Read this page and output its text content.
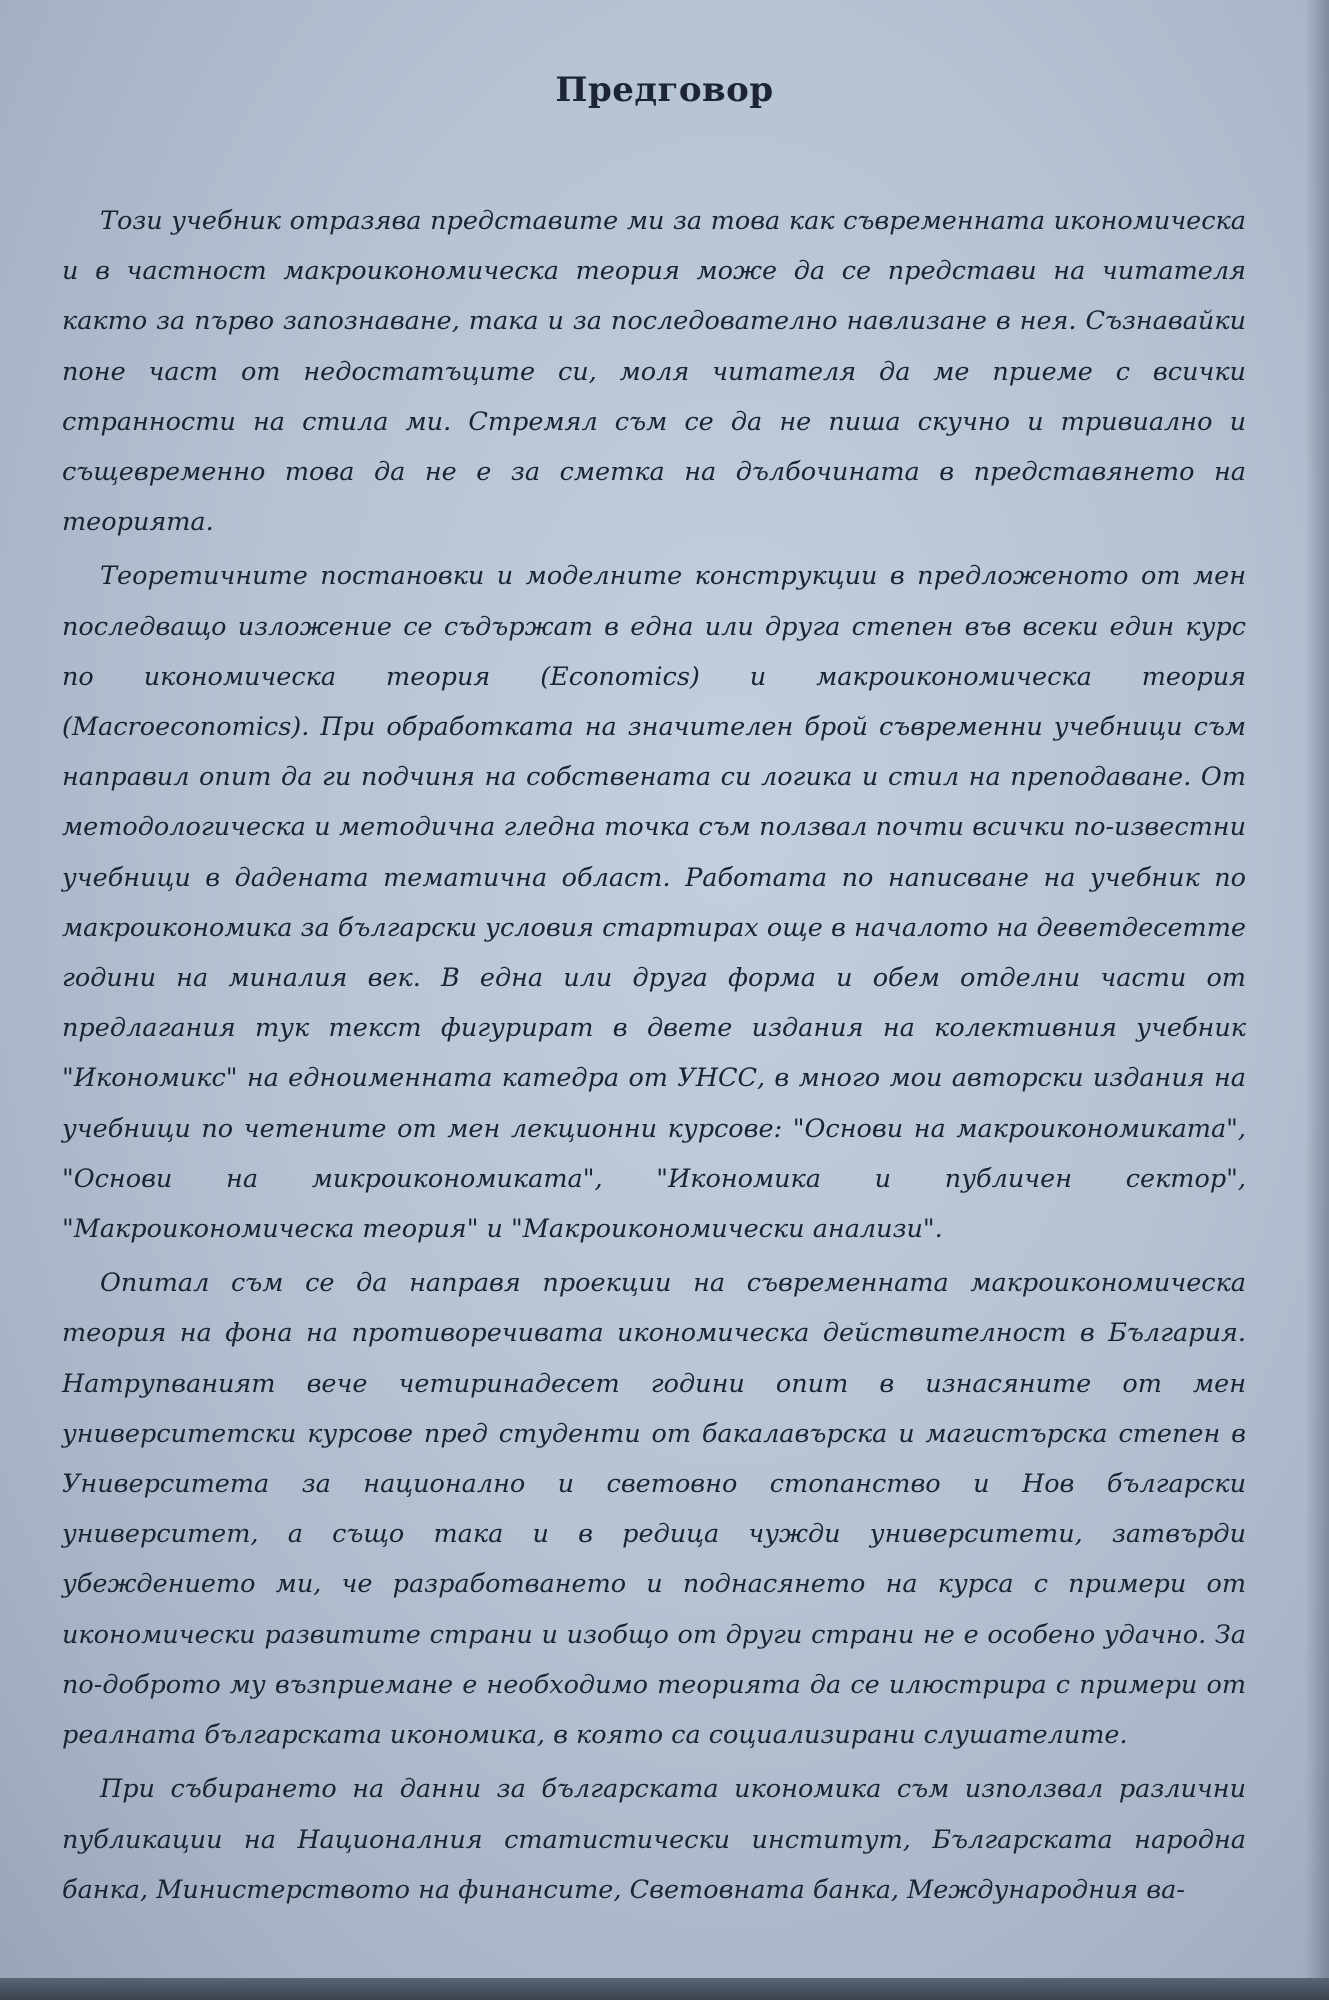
Предговор

Този учебник отразява представите ми за това как съвременната икономическа и в частност макроикономическа теория може да се представи на читателя както за първо запознаване, така и за последователно навлизане в нея. Съзнавайки поне част от недостатъците си, моля читателя да ме приеме с всички странности на стила ми. Стремял съм се да не пиша скучно и тривиално и същевременно това да не е за сметка на дълбочината в представянето на теорията.

Теоретичните постановки и моделните конструкции в предложеното от мен последващо изложение се съдържат в една или друга степен във всеки един курс по икономическа теория (Economics) и макроикономическа теория (Macroeconomics). При обработката на значителен брой съвременни учебници съм направил опит да ги подчиня на собствената си логика и стил на преподаване. От методологическа и методична гледна точка съм ползвал почти всички по-известни учебници в дадената тематична област. Работата по написване на учебник по макроикономика за български условия стартирах още в началото на деветдесетте години на миналия век. В една или друга форма и обем отделни части от предлагания тук текст фигурират в двете издания на колективния учебник "Икономикс" на едноименната катедра от УНСС, в много мои авторски издания на учебници по четените от мен лекционни курсове: "Основи на макроикономиката", "Основи на микроикономиката", "Икономика и публичен сектор", "Макроикономическа теория" и "Макроикономически анализи".

Опитал съм се да направя проекции на съвременната макроикономическа теория на фона на противоречивата икономическа действителност в България. Натрупваният вече четиринадесет години опит в изнасяните от мен университетски курсове пред студенти от бакалавърска и магистърска степен в Университета за национално и световно стопанство и Нов български университет, а също така и в редица чужди университети, затвърди убеждението ми, че разработването и поднасянето на курса с примери от икономически развитите страни и изобщо от други страни не е особено удачно. За по-доброто му възприемане е необходимо теорията да се илюстрира с примери от реалната българската икономика, в която са социализирани слушателите.

При събирането на данни за българската икономика съм използвал различни публикации на Националния статистически институт, Българската народна банка, Министерството на финансите, Световната банка, Международния ва-
